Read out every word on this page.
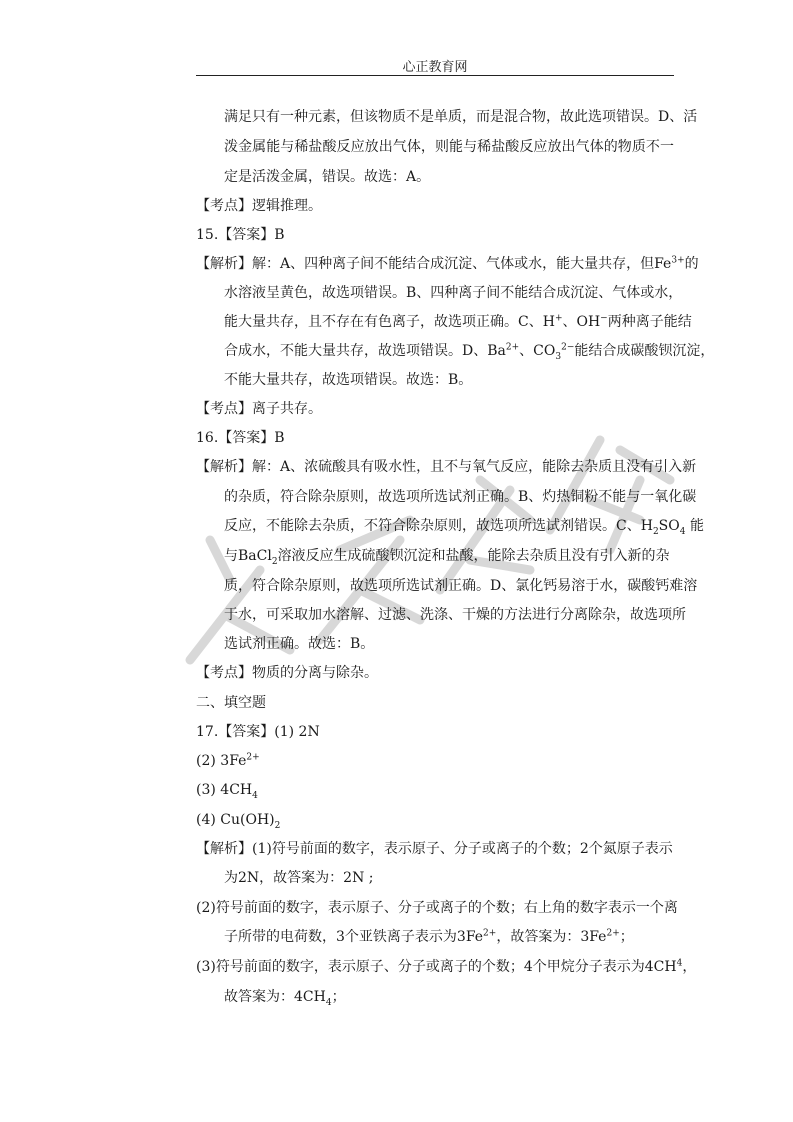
心正教育网
满足只有一种元素，但该物质不是单质，而是混合物，故此选项错误。D、活
泼金属能与稀盐酸反应放出气体，则能与稀盐酸反应放出气体的物质不一
定是活泼金属，错误。故选：A。
【考点】逻辑推理。
15.【答案】B
【解析】解：A、四种离子间不能结合成沉淀、气体或水，能大量共存，但$Fe^{3+}$的
水溶液呈黄色，故选项错误。B、四种离子间不能结合成沉淀、气体或水，
能大量共存，且不存在有色离子，故选项正确。C、H+、OH−两种离子能结
合成水，不能大量共存，故选项错误。D、$Ba^{2+}$、$CO_3^{2-}$能结合成碳酸钡沉淀，
不能大量共存，故选项错误。故选：B。
【考点】离子共存。
16.【答案】B
【解析】解：A、浓硫酸具有吸水性，且不与氧气反应，能除去杂质且没有引入新
的杂质，符合除杂原则，故选项所选试剂正确。B、灼热铜粉不能与一氧化碳
反应，不能除去杂质，不符合除杂原则，故选项所选试剂错误。C、$H_2SO_4$ 能
与BaCl$_2$溶液反应生成硫酸钡沉淀和盐酸，能除去杂质且没有引入新的杂
质，符合除杂原则，故选项所选试剂正确。D、氯化钙易溶于水，碳酸钙难溶
于水，可采取加水溶解、过滤、洗涤、干燥的方法进行分离除杂，故选项所
选试剂正确。故选：B。
【考点】物质的分离与除杂。
二、填空题
17.【答案】(1) 2N
(2) $3Fe^{2+}$
(3) $4CH_4$
(4) $Cu(OH)_2$
【解析】(1)符号前面的数字，表示原子、分子或离子的个数；2个氮原子表示
为2N，故答案为：2N ;
(2)符号前面的数字，表示原子、分子或离子的个数；右上角的数字表示一个离
子所带的电荷数，3个亚铁离子表示为$3Fe^{2+}$，故答案为：$3Fe^{2+}$；
(3)符号前面的数字，表示原子、分子或离子的个数；4个甲烷分子表示为$4CH^4$，
故答案为：$4CH_4$；
